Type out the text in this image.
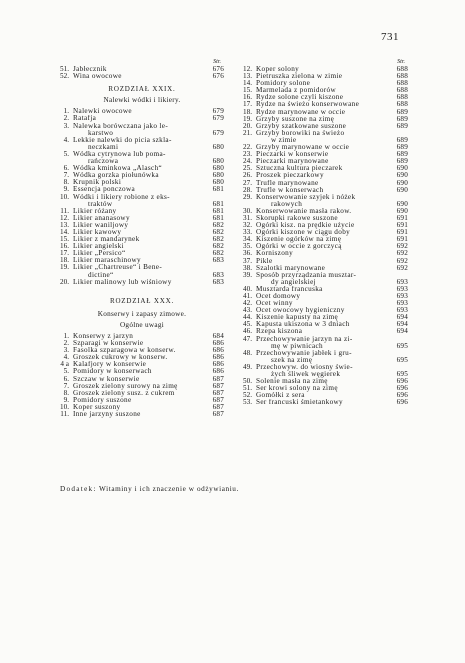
731
Str.
51. Jabłecznik	676
52. Wina owocowe	676
ROZDZIAŁ XXIX.
Nalewki wódki i likiery.
1. Nalewki owocowe	679
2. Ratafja	679
3. Nalewka borówczana jako le-
karstwo	679
4. Lekkie nalewki do picia szkla-
neczkami	680
5. Wódka cytrynowa lub poma-
rańczowa	680
6. Wódka kminkowa „Alasch“	680
7. Wódka gorzka piołunówka	680
8. Krupnik polski	680
9. Essencja ponczowa	681
10. Wódki i likiery robione z eks-
traktów	681
11. Likier różany	681
12. Likier ananasowy	681
13. Likier waniljowy	682
14. Likier kawowy	682
15. Likier z mandarynek	682
16. Likier angielski	682
17. Likier „Persico“	682
18. Likier maraschinowy	683
19. Likier „Chartreuse“ i Bene-
dictine“	683
20. Likier malinowy lub wiśniowy	683
ROZDZIAŁ XXX.
Konserwy i zapasy zimowe.
Ogólne uwagi
1. Konserwy z jarzyn	684
2. Szparagi w konserwie	686
3. Fasolka szparagowa w konserw.	686
4. Groszek cukrowy w konserw.	686
4 a Kalafjory w konserwie	686
5. Pomidory w konserwach	686
6. Szczaw w konserwie	687
7. Groszek zielony surowy na zimę	687
8. Groszek zielony susz. z cukrem	687
9. Pomidory suszone	687
10. Koper suszony	687
11. Inne jarzyny suszone	687
Str.
12. Koper solony	688
13. Pietruszka zielona w zimie	688
14. Pomidory solone	688
15. Marmelada z pomidorów	688
16. Rydze solone czyli kiszone	688
17. Rydze na świeżo konserwowane	688
18. Rydze marynowane w occie	689
19. Grzyby suszone na zimę	689
20. Grzyby szatkowane suszone	689
21. Grzyby borowiki na świeżo
w zimie	689
22. Grzyby marynowane w occie	689
23. Pieczarki w konserwie	689
24. Pieczarki marynowane	689
25. Sztuczna kultura pieczarek	690
26. Proszek pieczarkowy	690
27. Trufle marynowane	690
28. Trufle w konserwach	690
29. Konserwowanie szyjek i nóżek
rakowych	690
30. Konserwowanie masła rakow.	690
31. Skorupki rakowe suszone	691
32. Ogórki kisz. na prędkie użycie	691
33. Ogórki kiszone w ciągu doby	691
34. Kiszenie ogórków na zimę	691
35. Ogórki w occie z gorczycą	692
36. Korniszony	692
37. Pikle	692
38. Szalotki marynowane	692
39. Sposób przyrządzania musztar-
dy angielskiej	693
40. Musztarda francuska	693
41. Ocet domowy	693
42. Ocet winny	693
43. Ocet owocowy hygieniczny	693
44. Kiszenie kapusty na zimę	694
45. Kapusta ukiszona w 3 dniach	694
46. Rzepa kiszona	694
47. Przechowywanie jarzyn na zi-
mę w piwnicach	695
48. Przechowywanie jabłek i gru-
szek na zimę	695
49. Przechowyw. do wiosny świe-
żych śliwek węgierek	695
50. Solenie masła na zimę	696
51. Ser krowi solony na zimę	696
52. Gomółki z sera	696
53. Ser francuski śmietankowy	696
Dodatek: Witaminy i ich znaczenie w odżywianiu.
